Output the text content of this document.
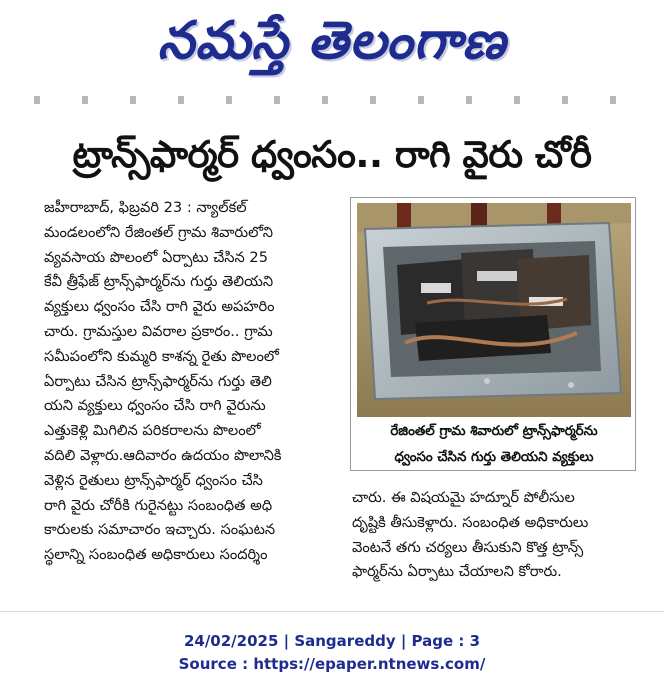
నమస్తే తెలంగాణ
ట్రాన్స్‌ఫార్మర్ ధ్వంసం.. రాగి వైరు చోరీ

జహీరాబాద్, ఫిబ్రవరి 23 : న్యాల్‌కల్

మండలంలోని రేజింతల్ గ్రామ శివారులోని

వ్యవసాయ పొలంలో ఏర్పాటు చేసిన 25

కేవీ త్రీఫేజ్ ట్రాన్స్‌ఫార్మర్‌ను గుర్తు తెలియని

వ్యక్తులు ధ్వంసం చేసి రాగి వైరు అపహరిం

చారు. గ్రామస్తుల వివరాల ప్రకారం.. గ్రామ

సమీపంలోని కుమ్మరి కాశన్న రైతు పొలంలో

ఏర్పాటు చేసిన ట్రాన్స్‌ఫార్మర్‌ను గుర్తు తెలి

యని వ్యక్తులు ధ్వంసం చేసి రాగి వైరును

ఎత్తుకెళ్లి మిగిలిన పరికరాలను పొలంలో

వదిలి వెళ్లారు.ఆదివారం ఉదయం పొలానికి

వెళ్లిన రైతులు ట్రాన్స్‌ఫార్మర్ ధ్వంసం చేసి

రాగి వైరు చోరీకి గురైనట్టు సంబంధిత అధి

కారులకు సమాచారం ఇచ్చారు. సంఘటన

స్థలాన్ని సంబంధిత అధికారులు సందర్శిం

రేజింతల్ గ్రామ శివారులో ట్రాన్స్‌ఫార్మర్‌ను
ధ్వంసం చేసిన గుర్తు తెలియని వ్యక్తులు

చారు. ఈ విషయమై హద్నూర్ పోలీసుల

దృష్టికి తీసుకెళ్లారు. సంబంధిత అధికారులు

వెంటనే తగు చర్యలు తీసుకుని కొత్త ట్రాన్స్

ఫార్మర్‌ను ఏర్పాటు చేయాలని కోరారు.

24/02/2025 | Sangareddy | Page : 3
Source : https://epaper.ntnews.com/
